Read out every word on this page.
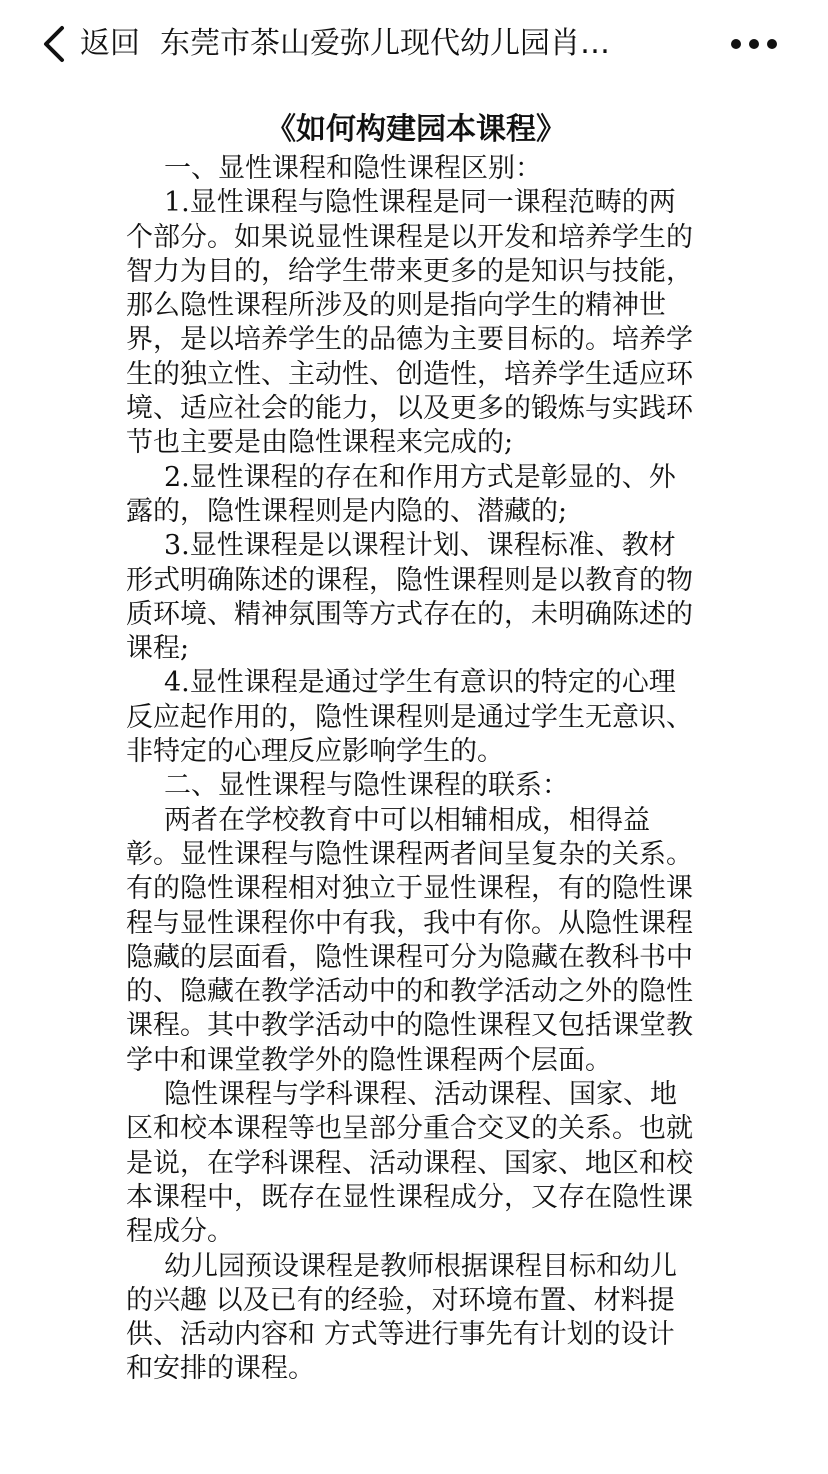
返回 东莞市茶山爱弥儿现代幼儿园肖…
《如何构建园本课程》

一、显性课程和隐性课程区别：

1.显性课程与隐性课程是同一课程范畴的两个部分。如果说显性课程是以开发和培养学生的智力为目的，给学生带来更多的是知识与技能，那么隐性课程所涉及的则是指向学生的精神世界，是以培养学生的品德为主要目标的。培养学生的独立性、主动性、创造性，培养学生适应环境、适应社会的能力，以及更多的锻炼与实践环节也主要是由隐性课程来完成的;

2.显性课程的存在和作用方式是彰显的、外露的，隐性课程则是内隐的、潜藏的;

3.显性课程是以课程计划、课程标准、教材形式明确陈述的课程，隐性课程则是以教育的物质环境、精神氛围等方式存在的，未明确陈述的课程;

4.显性课程是通过学生有意识的特定的心理反应起作用的，隐性课程则是通过学生无意识、非特定的心理反应影响学生的。

二、显性课程与隐性课程的联系：

两者在学校教育中可以相辅相成，相得益彰。显性课程与隐性课程两者间呈复杂的关系。有的隐性课程相对独立于显性课程，有的隐性课程与显性课程你中有我，我中有你。从隐性课程隐藏的层面看，隐性课程可分为隐藏在教科书中的、隐藏在教学活动中的和教学活动之外的隐性课程。其中教学活动中的隐性课程又包括课堂教学中和课堂教学外的隐性课程两个层面。

隐性课程与学科课程、活动课程、国家、地区和校本课程等也呈部分重合交叉的关系。也就是说，在学科课程、活动课程、国家、地区和校本课程中，既存在显性课程成分，又存在隐性课程成分。

幼儿园预设课程是教师根据课程目标和幼儿的兴趣 以及已有的经验，对环境布置、材料提供、活动内容和 方式等进行事先有计划的设计和安排的课程。
